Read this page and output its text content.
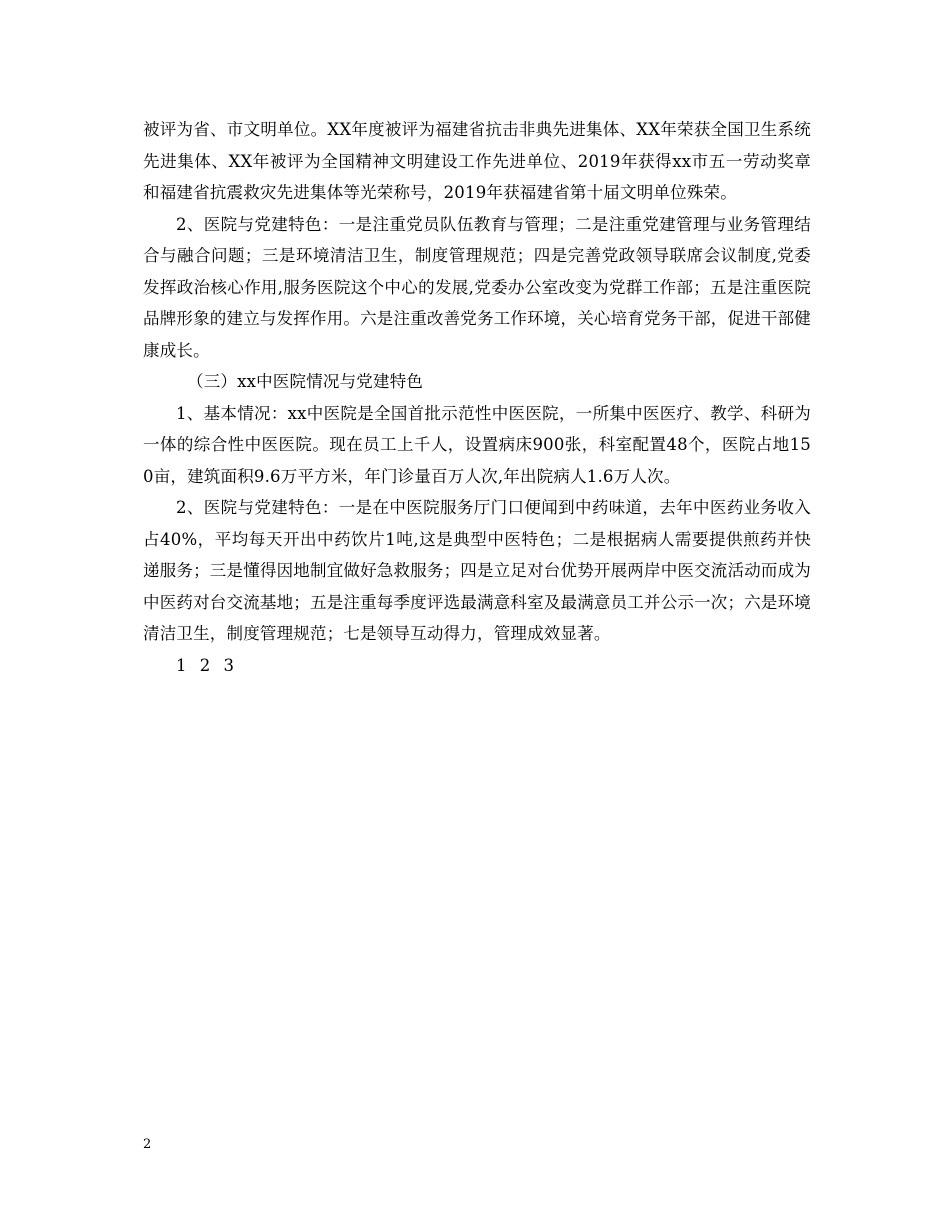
被评为省、市文明单位。XX年度被评为福建省抗击非典先进集体、XX年荣获全国卫生系统先进集体、XX年被评为全国精神文明建设工作先进单位、2019年获得xx市五一劳动奖章和福建省抗震救灾先进集体等光荣称号，2019年获福建省第十届文明单位殊荣。

2、医院与党建特色：一是注重党员队伍教育与管理；二是注重党建管理与业务管理结合与融合问题；三是环境清洁卫生，制度管理规范；四是完善党政领导联席会议制度,党委发挥政治核心作用,服务医院这个中心的发展,党委办公室改变为党群工作部；五是注重医院品牌形象的建立与发挥作用。六是注重改善党务工作环境，关心培育党务干部，促进干部健康成长。

（三）xx中医院情况与党建特色

1、基本情况：xx中医院是全国首批示范性中医医院，一所集中医医疗、教学、科研为一体的综合性中医医院。现在员工上千人，设置病床900张，科室配置48个，医院占地150亩，建筑面积9.6万平方米，年门诊量百万人次,年出院病人1.6万人次。

2、医院与党建特色：一是在中医院服务厅门口便闻到中药味道，去年中医药业务收入占40%，平均每天开出中药饮片1吨,这是典型中医特色；二是根据病人需要提供煎药并快递服务；三是懂得因地制宜做好急救服务；四是立足对台优势开展两岸中医交流活动而成为中医药对台交流基地；五是注重每季度评选最满意科室及最满意员工并公示一次；六是环境清洁卫生，制度管理规范；七是领导互动得力，管理成效显著。

1 2 3

2
